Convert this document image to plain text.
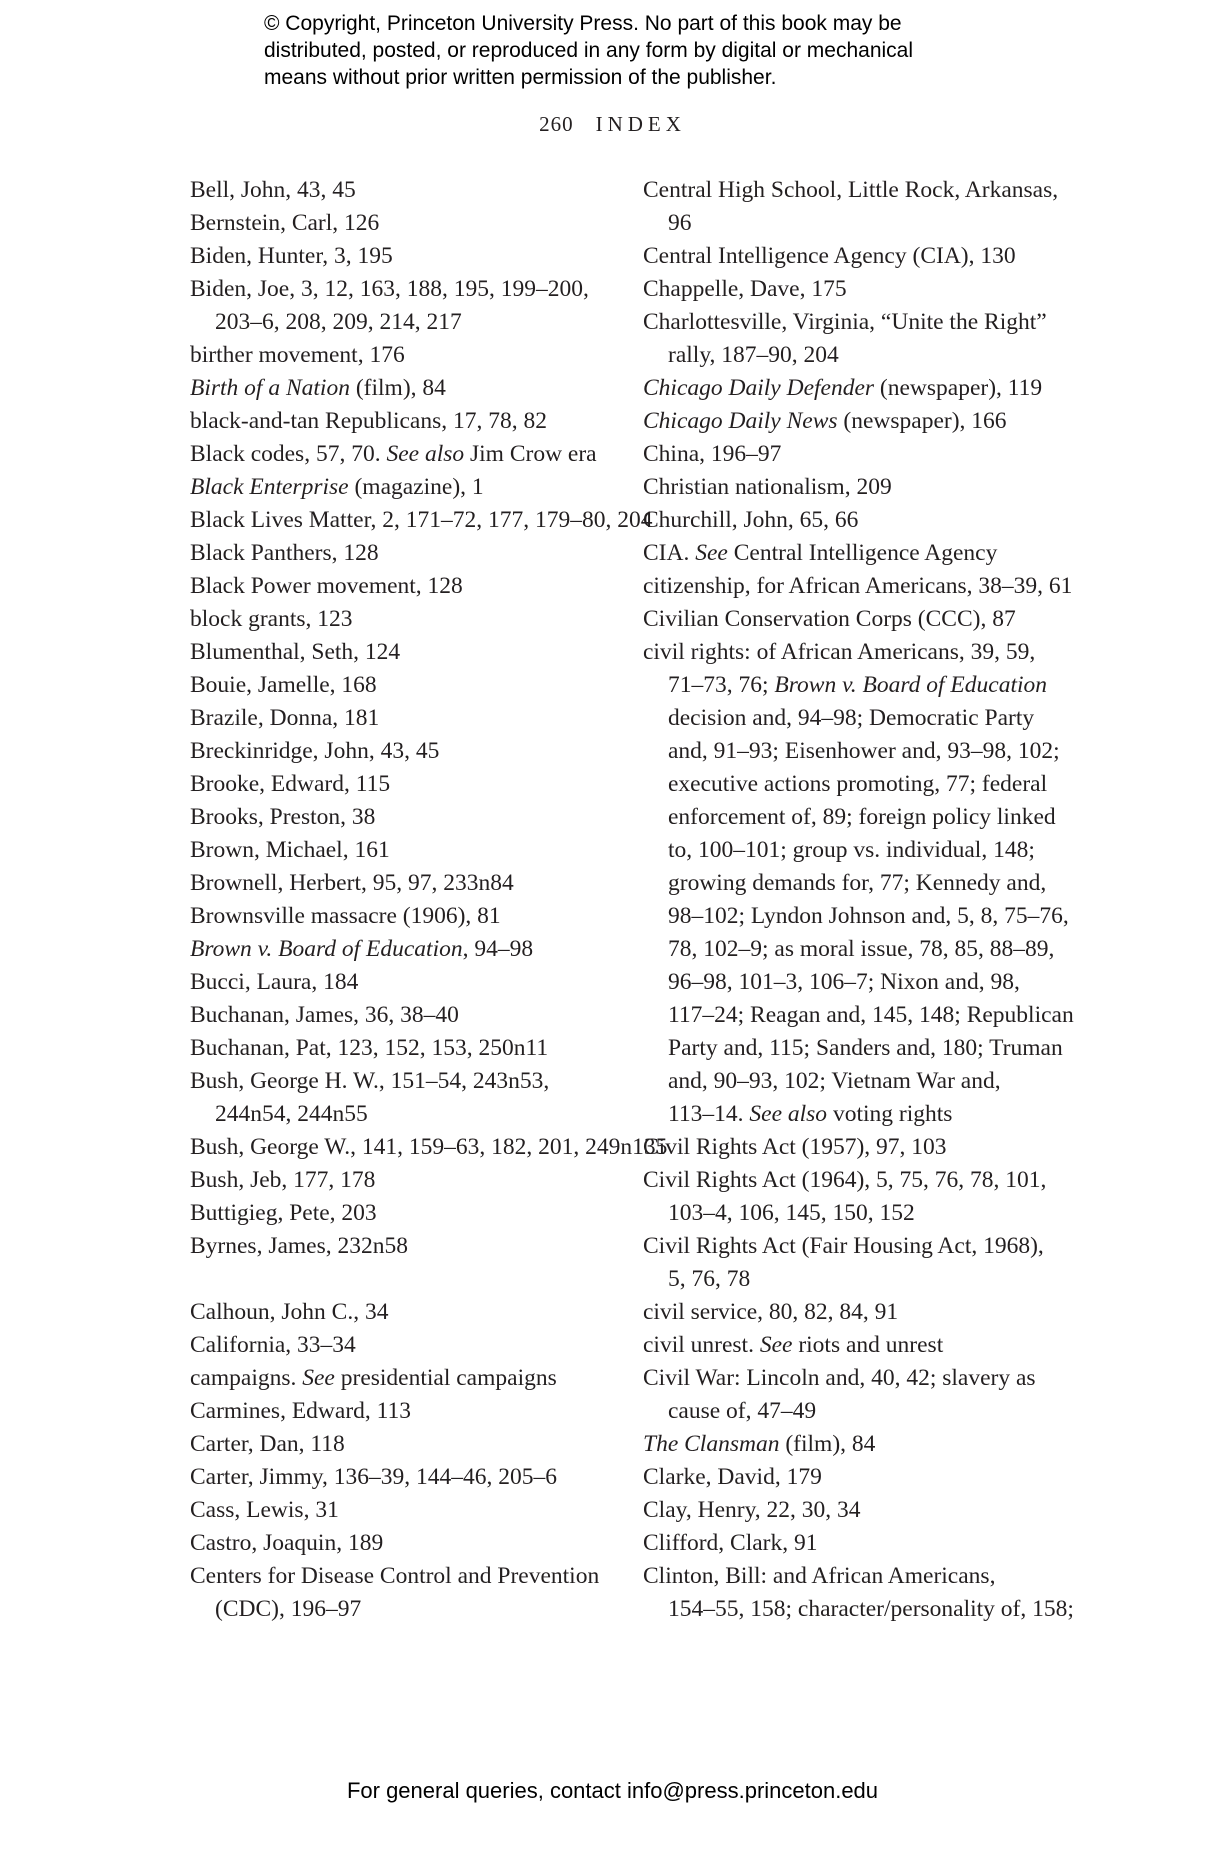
© Copyright, Princeton University Press. No part of this book may be
distributed, posted, or reproduced in any form by digital or mechanical
means without prior written permission of the publisher.
260 INDEX
Bell, John, 43, 45
Bernstein, Carl, 126
Biden, Hunter, 3, 195
Biden, Joe, 3, 12, 163, 188, 195, 199–200,
203–6, 208, 209, 214, 217
birther movement, 176
Birth of a Nation (film), 84
black-and-tan Republicans, 17, 78, 82
Black codes, 57, 70. See also Jim Crow era
Black Enterprise (magazine), 1
Black Lives Matter, 2, 171–72, 177, 179–80, 204
Black Panthers, 128
Black Power movement, 128
block grants, 123
Blumenthal, Seth, 124
Bouie, Jamelle, 168
Brazile, Donna, 181
Breckinridge, John, 43, 45
Brooke, Edward, 115
Brooks, Preston, 38
Brown, Michael, 161
Brownell, Herbert, 95, 97, 233n84
Brownsville massacre (1906), 81
Brown v. Board of Education, 94–98
Bucci, Laura, 184
Buchanan, James, 36, 38–40
Buchanan, Pat, 123, 152, 153, 250n11
Bush, George H. W., 151–54, 243n53,
244n54, 244n55
Bush, George W., 141, 159–63, 182, 201, 249n135
Bush, Jeb, 177, 178
Buttigieg, Pete, 203
Byrnes, James, 232n58
Calhoun, John C., 34
California, 33–34
campaigns. See presidential campaigns
Carmines, Edward, 113
Carter, Dan, 118
Carter, Jimmy, 136–39, 144–46, 205–6
Cass, Lewis, 31
Castro, Joaquin, 189
Centers for Disease Control and Prevention
(CDC), 196–97
Central High School, Little Rock, Arkansas,
96
Central Intelligence Agency (CIA), 130
Chappelle, Dave, 175
Charlottesville, Virginia, “Unite the Right”
rally, 187–90, 204
Chicago Daily Defender (newspaper), 119
Chicago Daily News (newspaper), 166
China, 196–97
Christian nationalism, 209
Churchill, John, 65, 66
CIA. See Central Intelligence Agency
citizenship, for African Americans, 38–39, 61
Civilian Conservation Corps (CCC), 87
civil rights: of African Americans, 39, 59,
71–73, 76; Brown v. Board of Education
decision and, 94–98; Democratic Party
and, 91–93; Eisenhower and, 93–98, 102;
executive actions promoting, 77; federal
enforcement of, 89; foreign policy linked
to, 100–101; group vs. individual, 148;
growing demands for, 77; Kennedy and,
98–102; Lyndon Johnson and, 5, 8, 75–76,
78, 102–9; as moral issue, 78, 85, 88–89,
96–98, 101–3, 106–7; Nixon and, 98,
117–24; Reagan and, 145, 148; Republican
Party and, 115; Sanders and, 180; Truman
and, 90–93, 102; Vietnam War and,
113–14. See also voting rights
Civil Rights Act (1957), 97, 103
Civil Rights Act (1964), 5, 75, 76, 78, 101,
103–4, 106, 145, 150, 152
Civil Rights Act (Fair Housing Act, 1968),
5, 76, 78
civil service, 80, 82, 84, 91
civil unrest. See riots and unrest
Civil War: Lincoln and, 40, 42; slavery as
cause of, 47–49
The Clansman (film), 84
Clarke, David, 179
Clay, Henry, 22, 30, 34
Clifford, Clark, 91
Clinton, Bill: and African Americans,
154–55, 158; character/personality of, 158;
For general queries, contact info@press.princeton.edu
